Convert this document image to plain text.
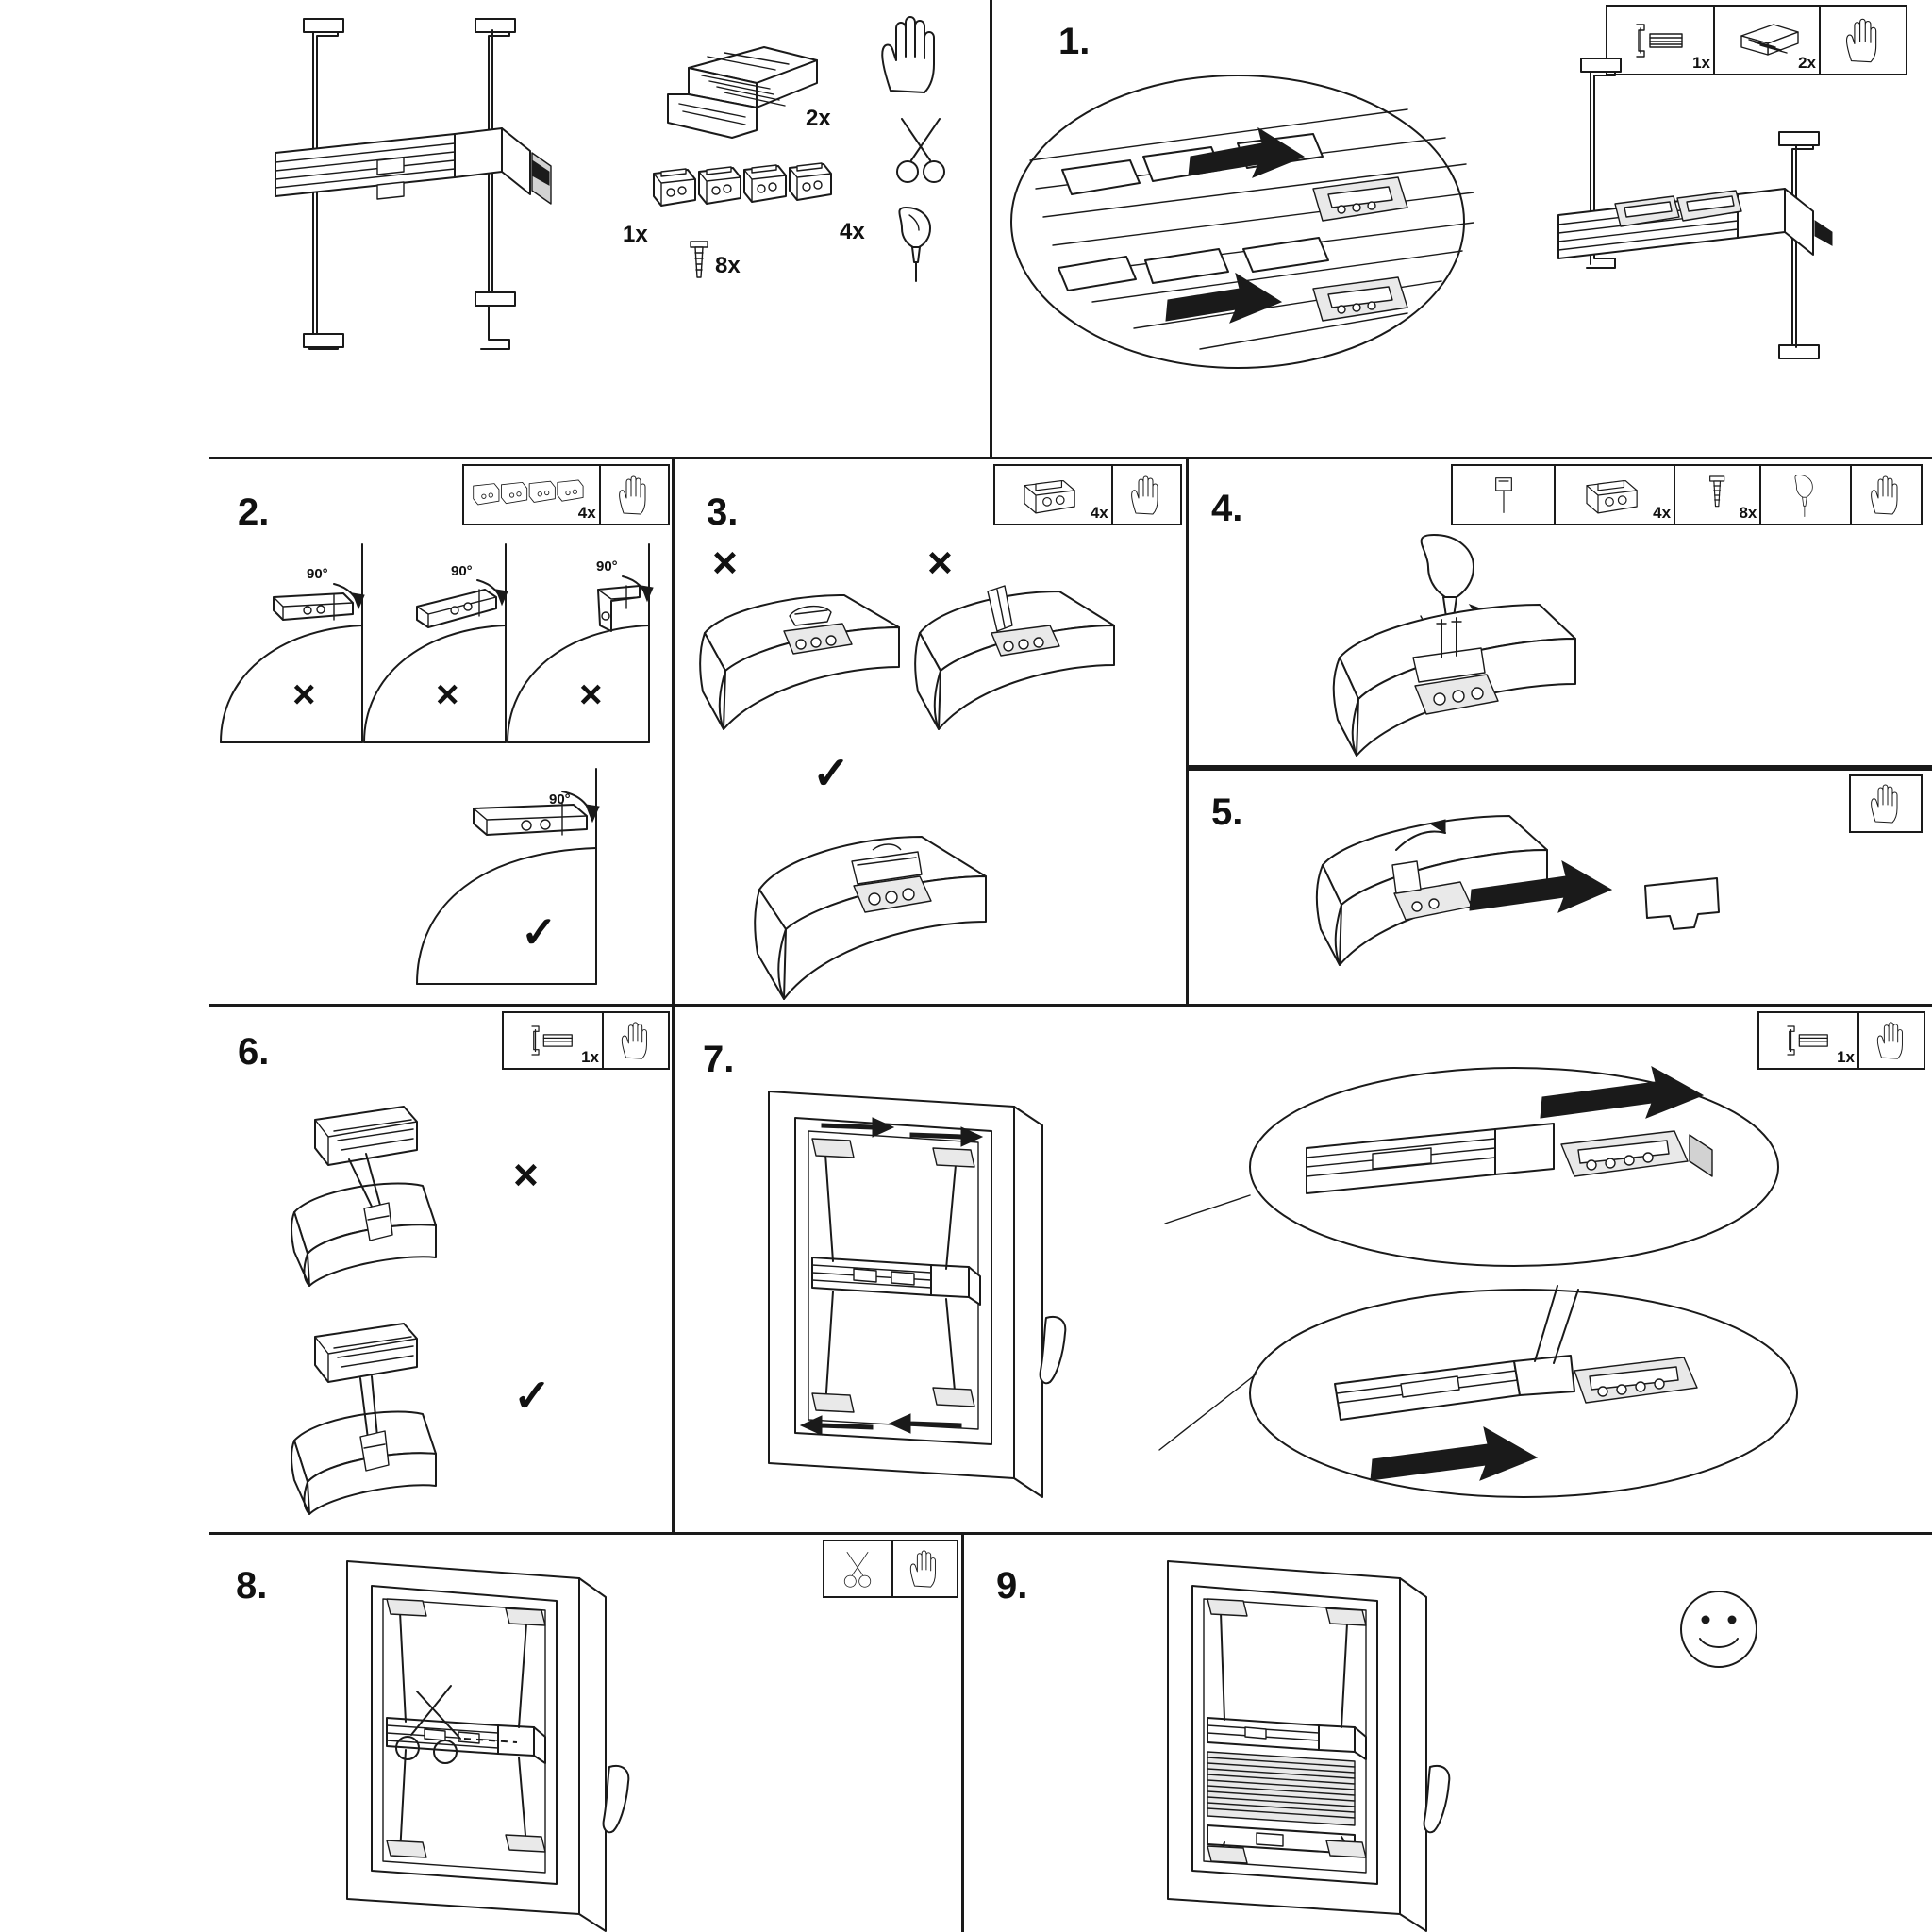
1x
2x
4x
8x
1.
1x	2x
2.	4x
90°	90°	90°
×	×	×
90°
✓
3.	4x
×	×
✓
4.	4x	8x
5.
6.	1x
×
✓
7.	1x
8.	9.
